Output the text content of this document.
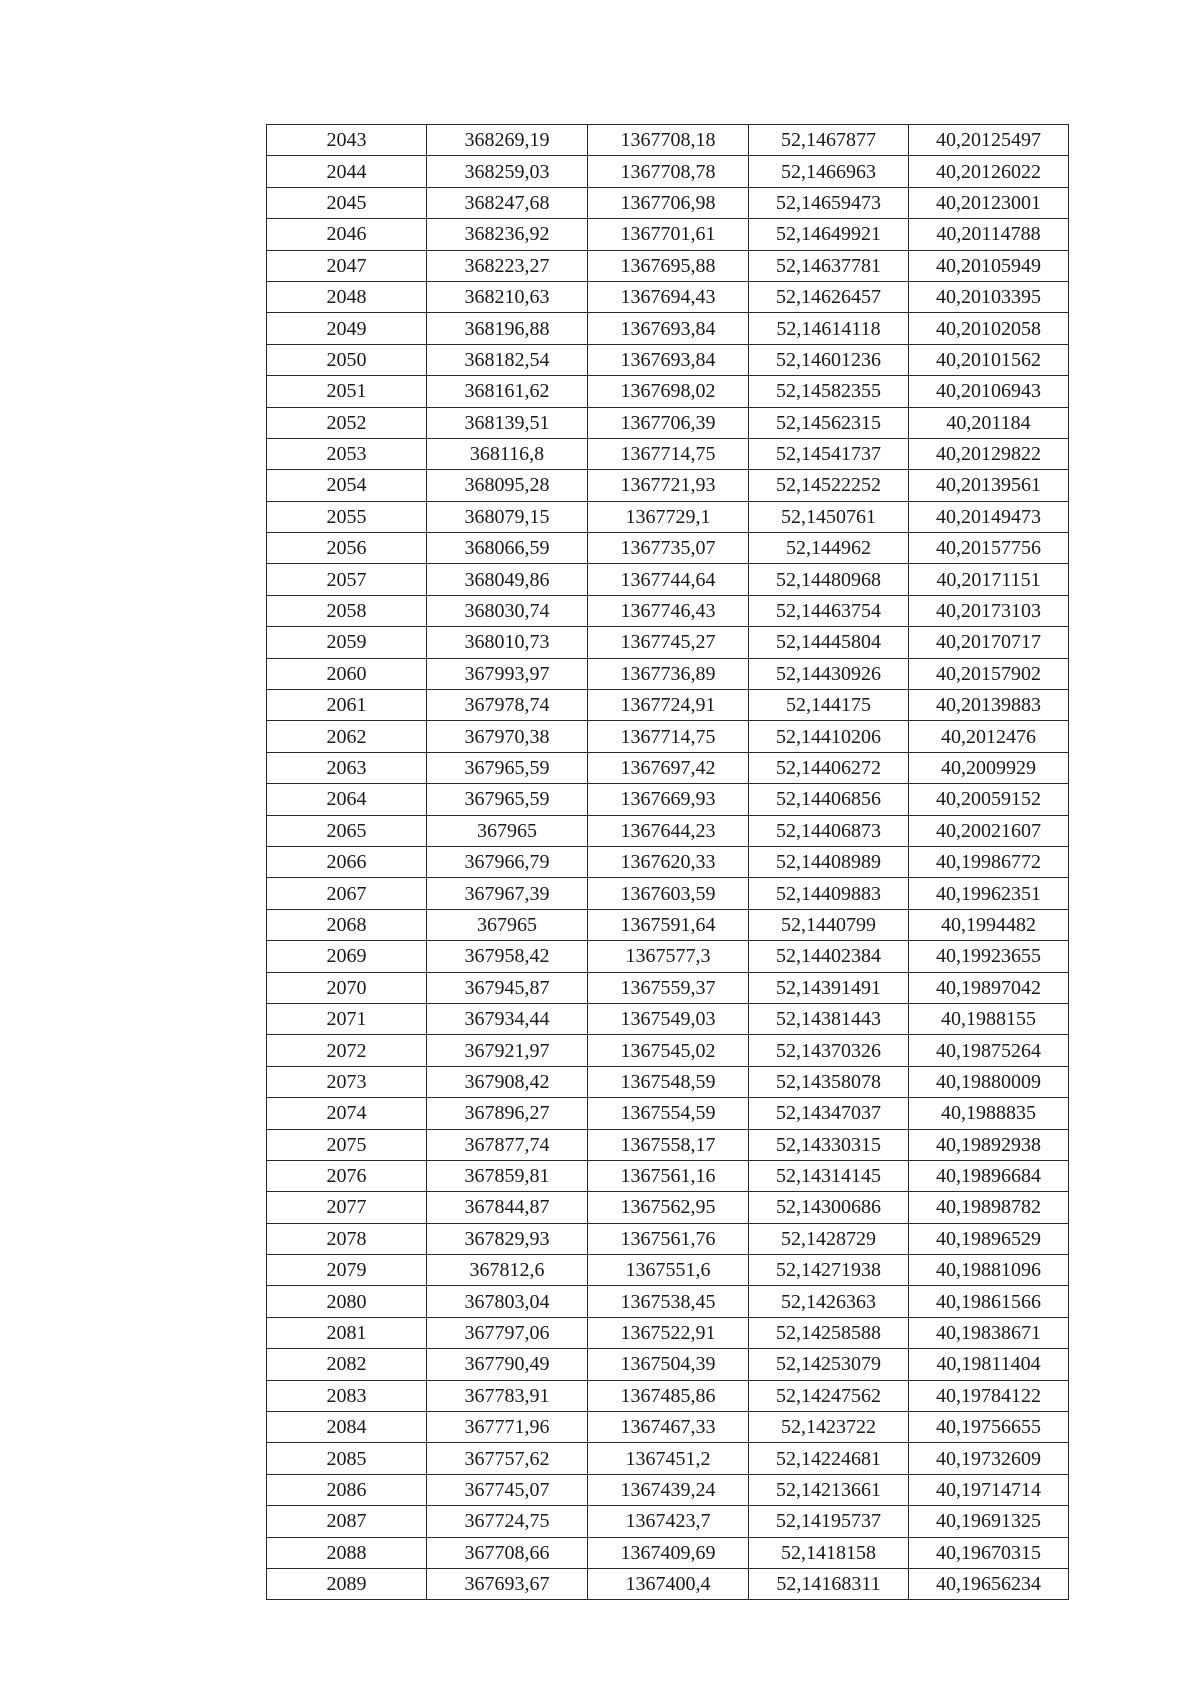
2043	368269,19	1367708,18	52,1467877	40,20125497
2044	368259,03	1367708,78	52,1466963	40,20126022
2045	368247,68	1367706,98	52,14659473	40,20123001
2046	368236,92	1367701,61	52,14649921	40,20114788
2047	368223,27	1367695,88	52,14637781	40,20105949
2048	368210,63	1367694,43	52,14626457	40,20103395
2049	368196,88	1367693,84	52,14614118	40,20102058
2050	368182,54	1367693,84	52,14601236	40,20101562
2051	368161,62	1367698,02	52,14582355	40,20106943
2052	368139,51	1367706,39	52,14562315	40,201184
2053	368116,8	1367714,75	52,14541737	40,20129822
2054	368095,28	1367721,93	52,14522252	40,20139561
2055	368079,15	1367729,1	52,1450761	40,20149473
2056	368066,59	1367735,07	52,144962	40,20157756
2057	368049,86	1367744,64	52,14480968	40,20171151
2058	368030,74	1367746,43	52,14463754	40,20173103
2059	368010,73	1367745,27	52,14445804	40,20170717
2060	367993,97	1367736,89	52,14430926	40,20157902
2061	367978,74	1367724,91	52,144175	40,20139883
2062	367970,38	1367714,75	52,14410206	40,2012476
2063	367965,59	1367697,42	52,14406272	40,2009929
2064	367965,59	1367669,93	52,14406856	40,20059152
2065	367965	1367644,23	52,14406873	40,20021607
2066	367966,79	1367620,33	52,14408989	40,19986772
2067	367967,39	1367603,59	52,14409883	40,19962351
2068	367965	1367591,64	52,1440799	40,1994482
2069	367958,42	1367577,3	52,14402384	40,19923655
2070	367945,87	1367559,37	52,14391491	40,19897042
2071	367934,44	1367549,03	52,14381443	40,1988155
2072	367921,97	1367545,02	52,14370326	40,19875264
2073	367908,42	1367548,59	52,14358078	40,19880009
2074	367896,27	1367554,59	52,14347037	40,1988835
2075	367877,74	1367558,17	52,14330315	40,19892938
2076	367859,81	1367561,16	52,14314145	40,19896684
2077	367844,87	1367562,95	52,14300686	40,19898782
2078	367829,93	1367561,76	52,1428729	40,19896529
2079	367812,6	1367551,6	52,14271938	40,19881096
2080	367803,04	1367538,45	52,1426363	40,19861566
2081	367797,06	1367522,91	52,14258588	40,19838671
2082	367790,49	1367504,39	52,14253079	40,19811404
2083	367783,91	1367485,86	52,14247562	40,19784122
2084	367771,96	1367467,33	52,1423722	40,19756655
2085	367757,62	1367451,2	52,14224681	40,19732609
2086	367745,07	1367439,24	52,14213661	40,19714714
2087	367724,75	1367423,7	52,14195737	40,19691325
2088	367708,66	1367409,69	52,1418158	40,19670315
2089	367693,67	1367400,4	52,14168311	40,19656234
